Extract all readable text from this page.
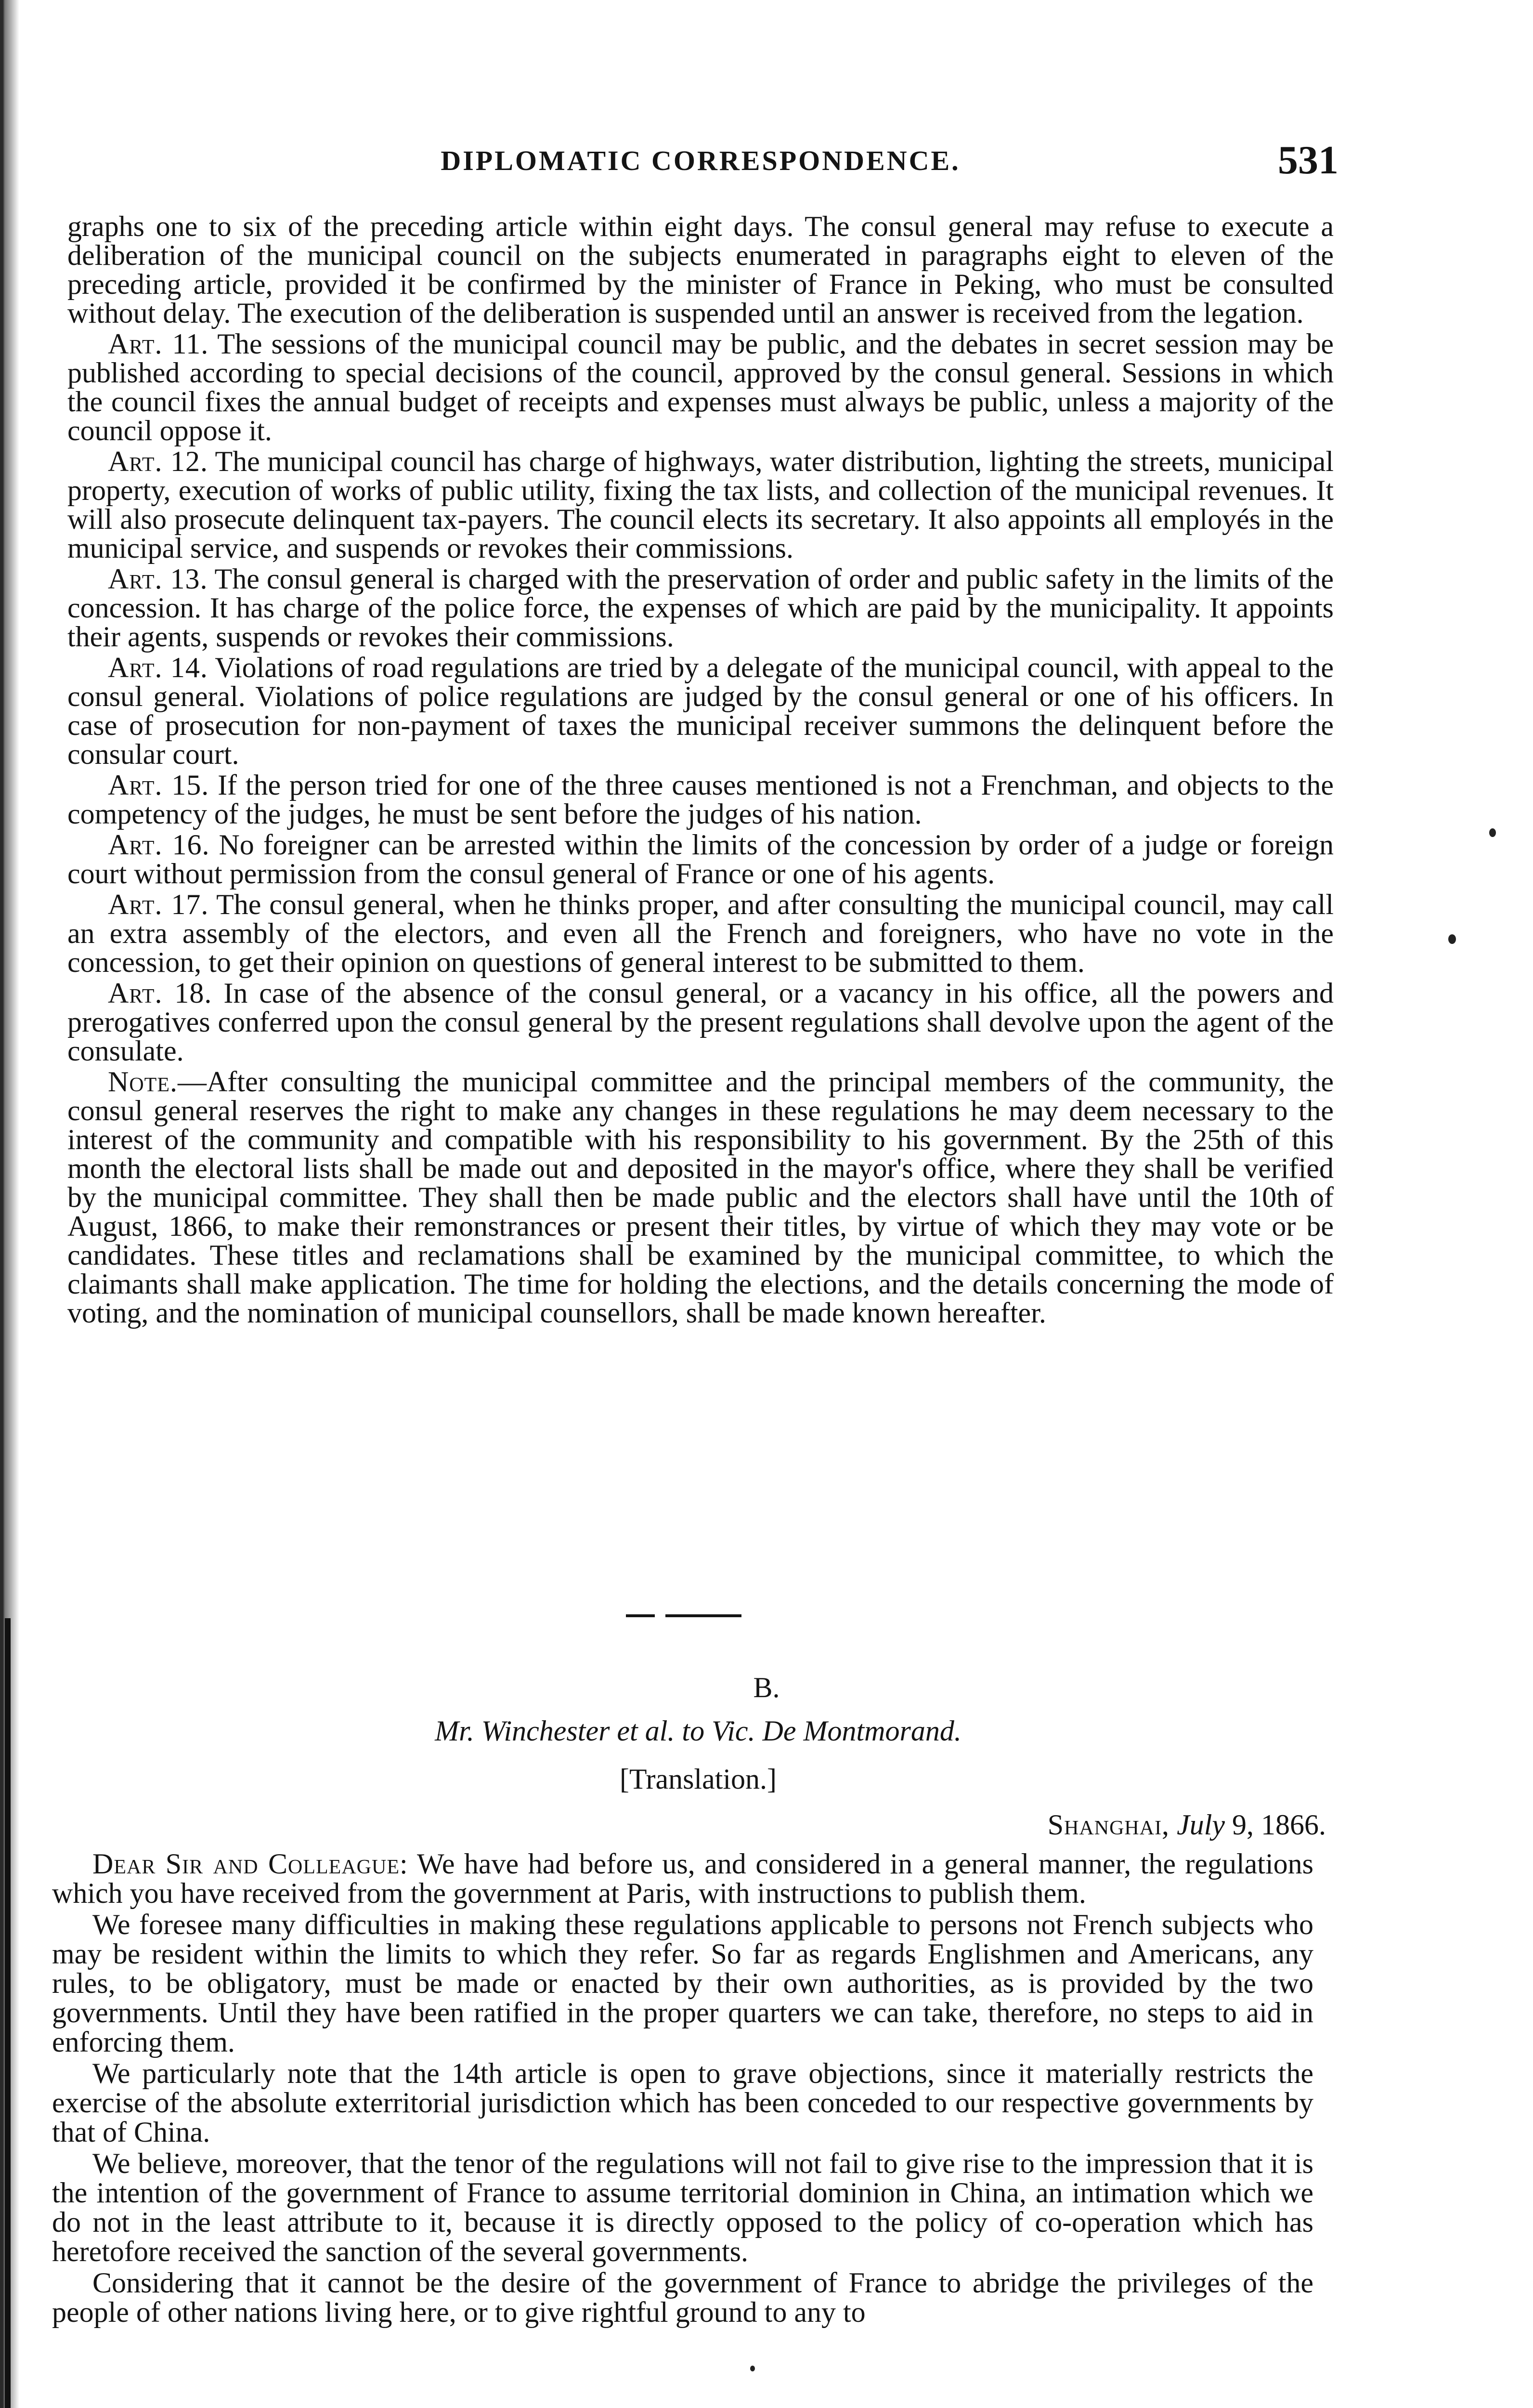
DIPLOMATIC CORRESPONDENCE.	531

graphs one to six of the preceding article within eight days. The consul general may refuse to execute a deliberation of the municipal council on the subjects enumerated in paragraphs eight to eleven of the preceding article, provided it be confirmed by the minister of France in Peking, who must be consulted without delay. The execution of the deliberation is suspended until an answer is received from the legation.

Art. 11. The sessions of the municipal council may be public, and the debates in secret session may be published according to special decisions of the council, approved by the consul general. Sessions in which the council fixes the annual budget of receipts and expenses must always be public, unless a majority of the council oppose it.

Art. 12. The municipal council has charge of highways, water distribution, lighting the streets, municipal property, execution of works of public utility, fixing the tax lists, and collection of the municipal revenues. It will also prosecute delinquent tax-payers. The council elects its secretary. It also appoints all employés in the municipal service, and suspends or revokes their commissions.

Art. 13. The consul general is charged with the preservation of order and public safety in the limits of the concession. It has charge of the police force, the expenses of which are paid by the municipality. It appoints their agents, suspends or revokes their commissions.

Art. 14. Violations of road regulations are tried by a delegate of the municipal council, with appeal to the consul general. Violations of police regulations are judged by the consul general or one of his officers. In case of prosecution for non-payment of taxes the municipal receiver summons the delinquent before the consular court.

Art. 15. If the person tried for one of the three causes mentioned is not a Frenchman, and objects to the competency of the judges, he must be sent before the judges of his nation.

Art. 16. No foreigner can be arrested within the limits of the concession by order of a judge or foreign court without permission from the consul general of France or one of his agents.

Art. 17. The consul general, when he thinks proper, and after consulting the municipal council, may call an extra assembly of the electors, and even all the French and foreigners, who have no vote in the concession, to get their opinion on questions of general interest to be submitted to them.

Art. 18. In case of the absence of the consul general, or a vacancy in his office, all the powers and prerogatives conferred upon the consul general by the present regulations shall devolve upon the agent of the consulate.

Note.—After consulting the municipal committee and the principal members of the community, the consul general reserves the right to make any changes in these regulations he may deem necessary to the interest of the community and compatible with his responsibility to his government. By the 25th of this month the electoral lists shall be made out and deposited in the mayor's office, where they shall be verified by the municipal committee. They shall then be made public and the electors shall have until the 10th of August, 1866, to make their remonstrances or present their titles, by virtue of which they may vote or be candidates. These titles and reclamations shall be examined by the municipal committee, to which the claimants shall make application. The time for holding the elections, and the details concerning the mode of voting, and the nomination of municipal counsellors, shall be made known hereafter.

B.
Mr. Winchester et al. to Vic. De Montmorand.
[Translation.]
Shanghai, July 9, 1866.

Dear Sir and Colleague: We have had before us, and considered in a general manner, the regulations which you have received from the government at Paris, with instructions to publish them.

We foresee many difficulties in making these regulations applicable to persons not French subjects who may be resident within the limits to which they refer. So far as regards Englishmen and Americans, any rules, to be obligatory, must be made or enacted by their own authorities, as is provided by the two governments. Until they have been ratified in the proper quarters we can take, therefore, no steps to aid in enforcing them.

We particularly note that the 14th article is open to grave objections, since it materially restricts the exercise of the absolute exterritorial jurisdiction which has been conceded to our respective governments by that of China.

We believe, moreover, that the tenor of the regulations will not fail to give rise to the impression that it is the intention of the government of France to assume territorial dominion in China, an intimation which we do not in the least attribute to it, because it is directly opposed to the policy of co-operation which has heretofore received the sanction of the several governments.

Considering that it cannot be the desire of the government of France to abridge the privileges of the people of other nations living here, or to give rightful ground to any to
